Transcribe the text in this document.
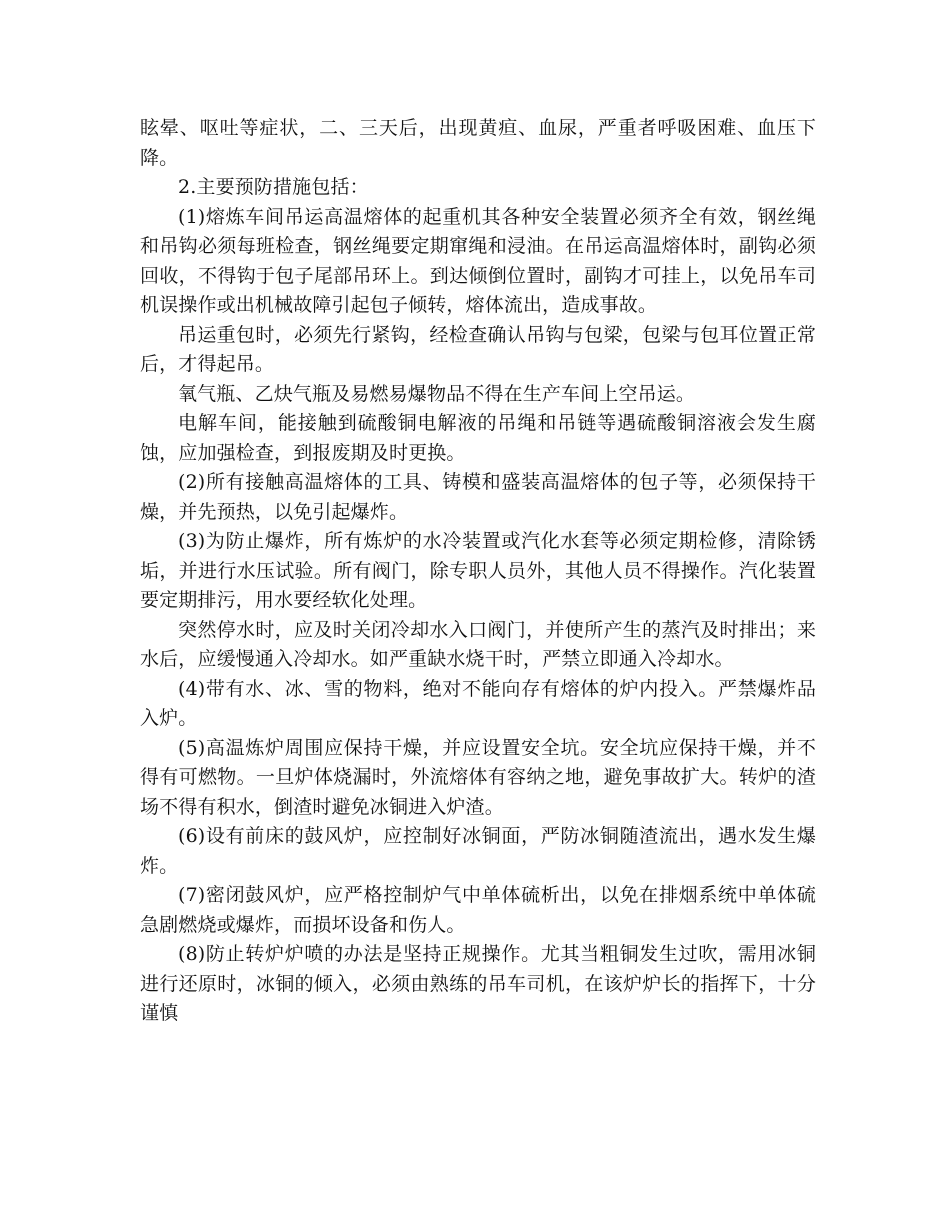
眩晕、呕吐等症状，二、三天后，出现黄疸、血尿，严重者呼吸困难、血压下降。

2.主要预防措施包括：

(1)熔炼车间吊运高温熔体的起重机其各种安全装置必须齐全有效，钢丝绳和吊钩必须每班检查，钢丝绳要定期窜绳和浸油。在吊运高温熔体时，副钩必须回收，不得钩于包子尾部吊环上。到达倾倒位置时，副钩才可挂上，以免吊车司机误操作或出机械故障引起包子倾转，熔体流出，造成事故。

吊运重包时，必须先行紧钩，经检查确认吊钩与包梁，包梁与包耳位置正常后，才得起吊。

氧气瓶、乙炔气瓶及易燃易爆物品不得在生产车间上空吊运。

电解车间，能接触到硫酸铜电解液的吊绳和吊链等遇硫酸铜溶液会发生腐蚀，应加强检查，到报废期及时更换。

(2)所有接触高温熔体的工具、铸模和盛装高温熔体的包子等，必须保持干燥，并先预热，以免引起爆炸。

(3)为防止爆炸，所有炼炉的水冷装置或汽化水套等必须定期检修，清除锈垢，并进行水压试验。所有阀门，除专职人员外，其他人员不得操作。汽化装置要定期排污，用水要经软化处理。

突然停水时，应及时关闭冷却水入口阀门，并使所产生的蒸汽及时排出；来水后，应缓慢通入冷却水。如严重缺水烧干时，严禁立即通入冷却水。

(4)带有水、冰、雪的物料，绝对不能向存有熔体的炉内投入。严禁爆炸品入炉。

(5)高温炼炉周围应保持干燥，并应设置安全坑。安全坑应保持干燥，并不得有可燃物。一旦炉体烧漏时，外流熔体有容纳之地，避免事故扩大。转炉的渣场不得有积水，倒渣时避免冰铜进入炉渣。

(6)设有前床的鼓风炉，应控制好冰铜面，严防冰铜随渣流出，遇水发生爆炸。

(7)密闭鼓风炉，应严格控制炉气中单体硫析出，以免在排烟系统中单体硫急剧燃烧或爆炸，而损坏设备和伤人。

(8)防止转炉炉喷的办法是坚持正规操作。尤其当粗铜发生过吹，需用冰铜进行还原时，冰铜的倾入，必须由熟练的吊车司机，在该炉炉长的指挥下，十分谨慎
